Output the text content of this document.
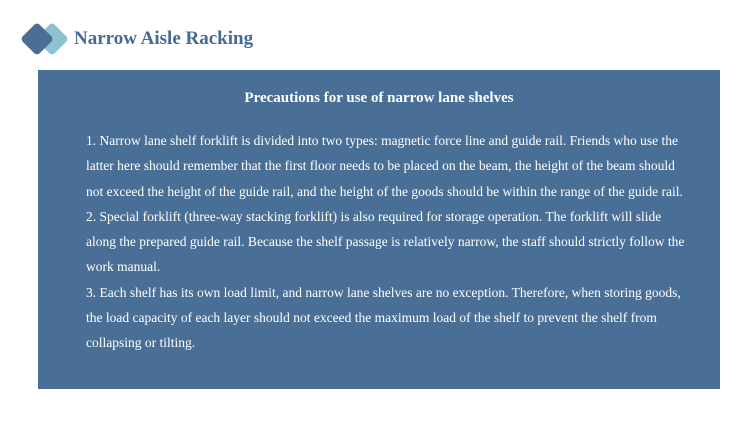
Narrow Aisle Racking
Precautions for use of narrow lane shelves

1. Narrow lane shelf forklift is divided into two types: magnetic force line and guide rail. Friends who use the latter here should remember that the first floor needs to be placed on the beam, the height of the beam should not exceed the height of the guide rail, and the height of the goods should be within the range of the guide rail.

2. Special forklift (three-way stacking forklift) is also required for storage operation. The forklift will slide along the prepared guide rail. Because the shelf passage is relatively narrow, the staff should strictly follow the work manual.

3. Each shelf has its own load limit, and narrow lane shelves are no exception. Therefore, when storing goods, the load capacity of each layer should not exceed the maximum load of the shelf to prevent the shelf from collapsing or tilting.
